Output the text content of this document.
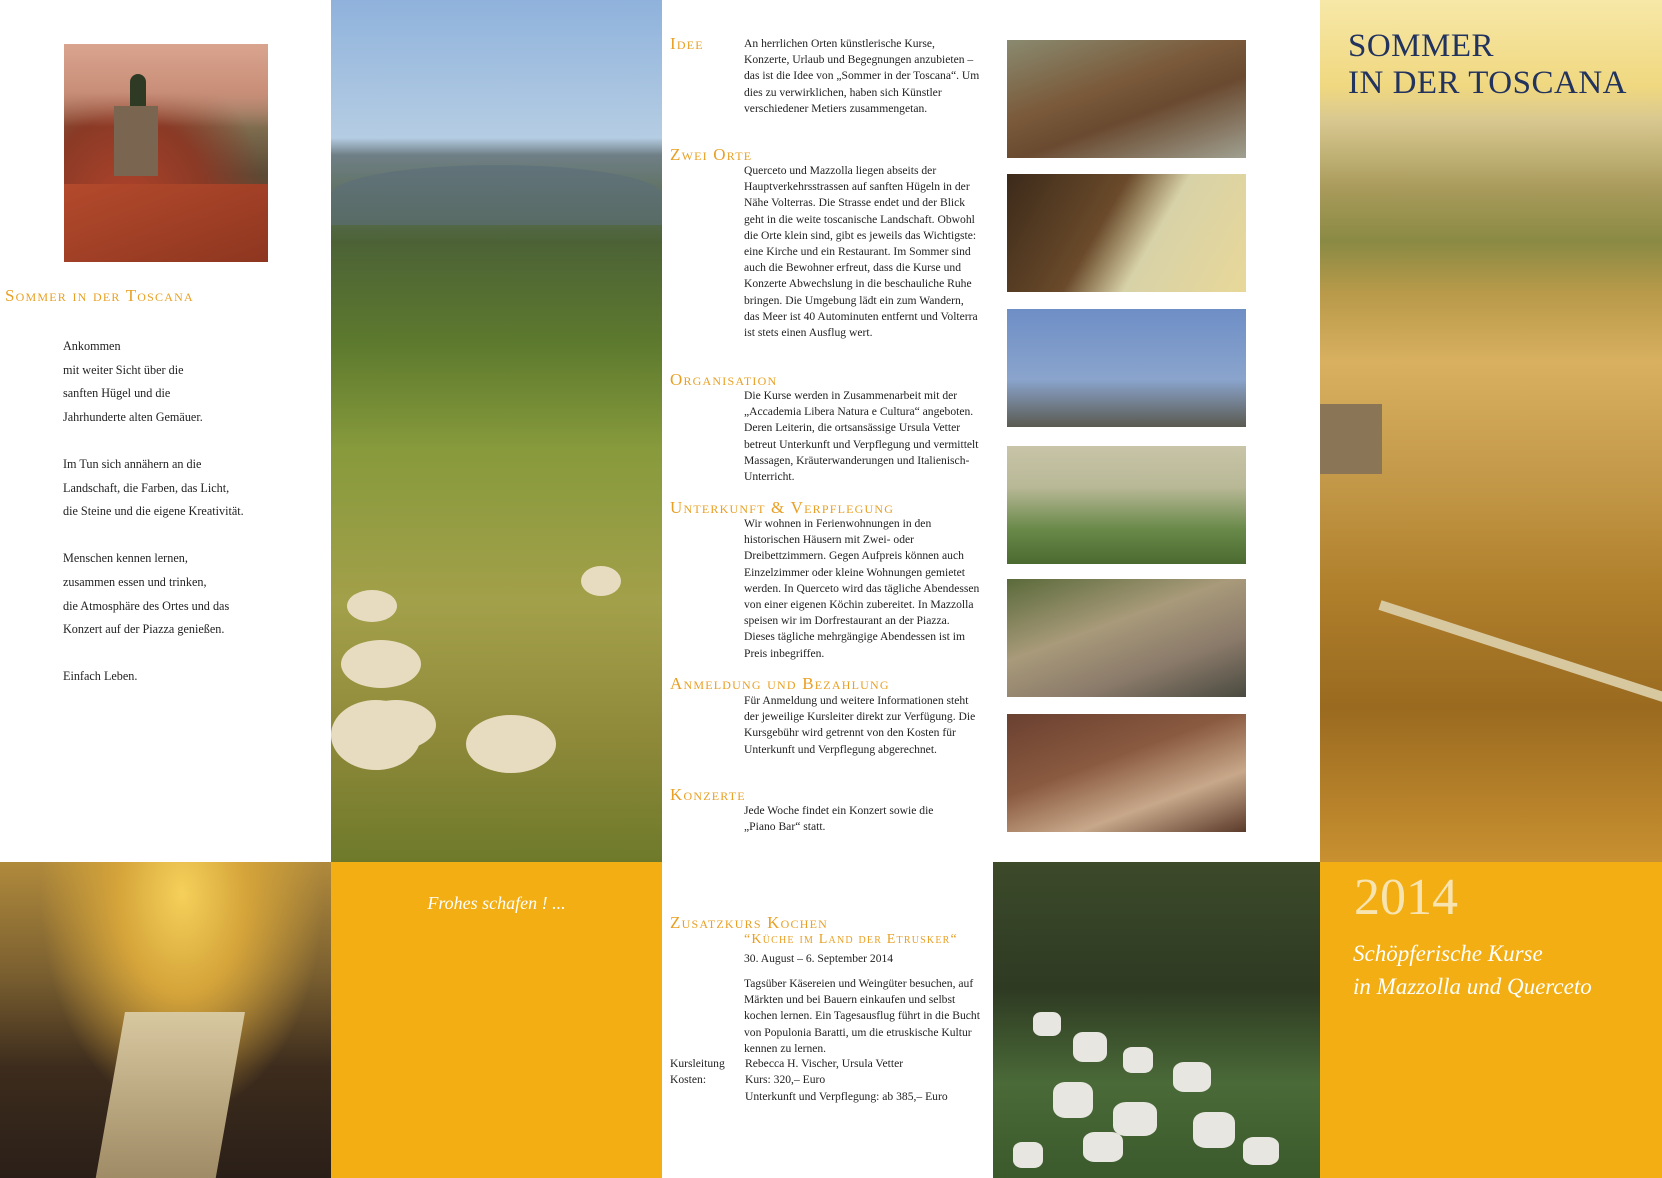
Sommer in der Toscana
Ankommen
mit weiter Sicht über die
sanften Hügel und die
Jahrhunderte alten Gemäuer.

Im Tun sich annähern an die
Landschaft, die Farben, das Licht,
die Steine und die eigene Kreativität.

Menschen kennen lernen,
zusammen essen und trinken,
die Atmosphäre des Ortes und das
Konzert auf der Piazza genießen.

Einfach Leben.
Frohes schafen ! ...
Idee	An herrlichen Orten künstlerische Kurse, Konzerte, Urlaub und Begegnungen anzubieten – das ist die Idee von „Sommer in der Toscana“. Um dies zu verwirklichen, haben sich Künstler verschiedener Metiers zusammengetan.
Zwei Orte
Querceto und Mazzolla liegen abseits der Hauptverkehrsstrassen auf sanften Hügeln in der Nähe Volterras. Die Strasse endet und der Blick geht in die weite toscanische Landschaft. Obwohl die Orte klein sind, gibt es jeweils das Wichtigste: eine Kirche und ein Restaurant. Im Sommer sind auch die Bewohner erfreut, dass die Kurse und Konzerte Abwechslung in die beschauliche Ruhe bringen. Die Umgebung lädt ein zum Wandern, das Meer ist 40 Autominuten entfernt und Volterra ist stets einen Ausflug wert.
Organisation
Die Kurse werden in Zusammenarbeit mit der „Accademia Libera Natura e Cultura“ angeboten. Deren Leiterin, die ortsansässige Ursula Vetter betreut Unterkunft und Verpflegung und vermittelt Massagen, Kräuterwanderungen und Italienisch-Unterricht.
Unterkunft & Verpflegung
Wir wohnen in Ferienwohnungen in den historischen Häusern mit Zwei- oder Dreibettzimmern. Gegen Aufpreis können auch Einzelzimmer oder kleine Wohnungen gemietet werden. In Querceto wird das tägliche Abendessen von einer eigenen Köchin zubereitet. In Mazzolla speisen wir im Dorfrestaurant an der Piazza. Dieses tägliche mehrgängige Abendessen ist im Preis inbegriffen.
Anmeldung und Bezahlung
Für Anmeldung und weitere Informationen steht der jeweilige Kursleiter direkt zur Verfügung. Die Kursgebühr wird getrennt von den Kosten für Unterkunft und Verpflegung abgerechnet.
Konzerte
Jede Woche findet ein Konzert sowie die „Piano Bar“ statt.
Zusatzkurs Kochen
“Küche im Land der Etrusker“
30. August – 6. September 2014
Tagsüber Käsereien und Weingüter besuchen, auf Märkten und bei Bauern einkaufen und selbst kochen lernen. Ein Tagesausflug führt in die Bucht von Populonia Baratti, um die etruskische Kultur kennen zu lernen.
Kursleitung Rebecca H. Vischer, Ursula Vetter
Kosten:	Kurs: 320,– Euro
Unterkunft und Verpflegung: ab 385,– Euro
SOMMER
IN DER TOSCANA
2014
Schöpferische Kurse
in Mazzolla und Querceto
